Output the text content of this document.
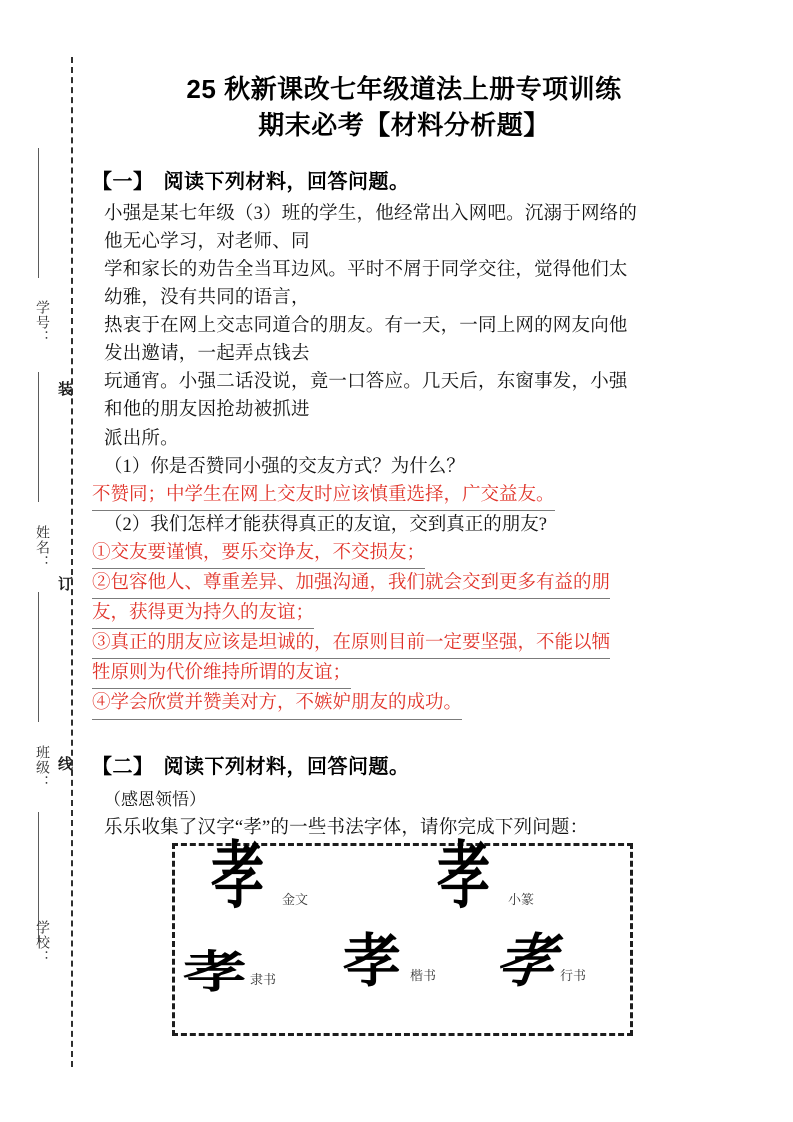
学号：
姓名：
班级：
学校：
装
订
线
25 秋新课改七年级道法上册专项训练
期末必考【材料分析题】
【一】 阅读下列材料，回答问题。
小强是某七年级（3）班的学生，他经常出入网吧。沉溺于网络的
他无心学习，对老师、同
学和家长的劝告全当耳边风。平时不屑于同学交往，觉得他们太
幼雅，没有共同的语言，
热衷于在网上交志同道合的朋友。有一天，一同上网的网友向他
发出邀请，一起弄点钱去
玩通宵。小强二话没说，竟一口答应。几天后，东窗事发，小强
和他的朋友因抢劫被抓进
派出所。
（1）你是否赞同小强的交友方式？为什么？
不赞同；中学生在网上交友时应该慎重选择，广交益友。
（2）我们怎样才能获得真正的友谊，交到真正的朋友?
①交友要谨慎，要乐交诤友，不交损友；
②包容他人、尊重差异、加强沟通，我们就会交到更多有益的朋
友，获得更为持久的友谊；
③真正的朋友应该是坦诚的，在原则目前一定要坚强，不能以牺
牲原则为代价维持所谓的友谊；
④学会欣赏并赞美对方，不嫉妒朋友的成功。
【二】 阅读下列材料，回答问题。
（感恩领悟）
乐乐收集了汉字“孝”的一些书法字体，请你完成下列问题：
孝 金文 孝 小篆
孝 隶书 孝 楷书 孝 行书
